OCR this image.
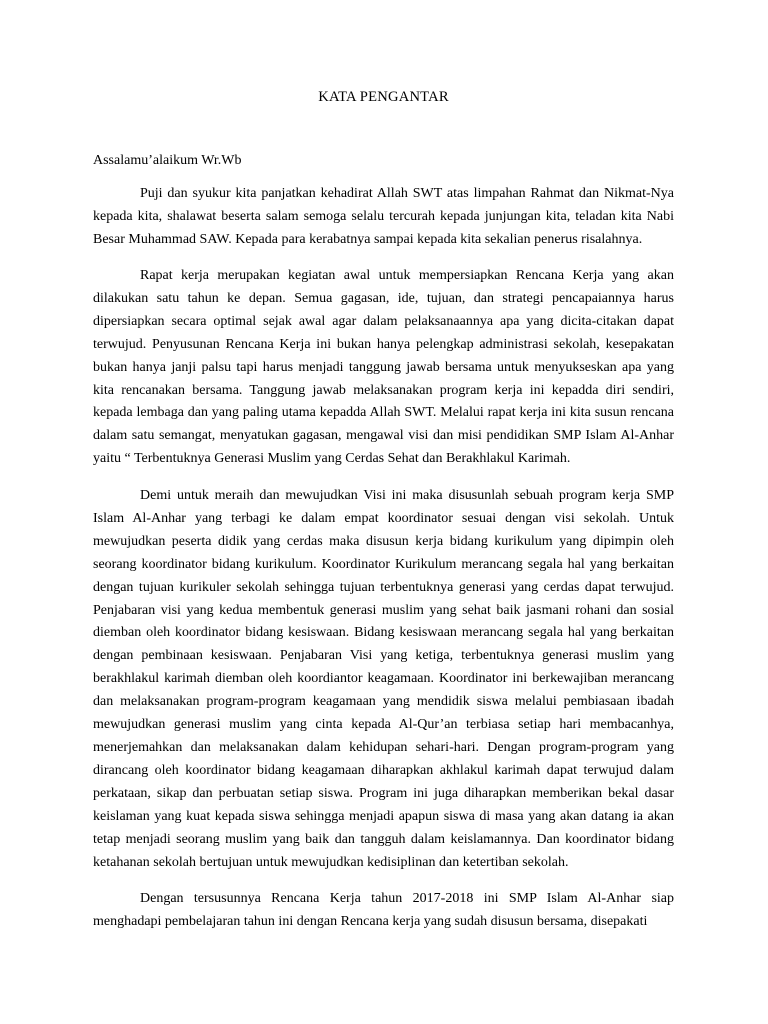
KATA PENGANTAR
Assalamu’alaikum Wr.Wb

Puji dan syukur kita panjatkan kehadirat Allah SWT atas limpahan Rahmat dan Nikmat-Nya kepada kita, shalawat beserta salam semoga selalu tercurah kepada junjungan kita, teladan kita Nabi Besar Muhammad SAW. Kepada para kerabatnya sampai kepada kita sekalian penerus risalahnya.

Rapat kerja merupakan kegiatan awal untuk mempersiapkan Rencana Kerja yang akan dilakukan satu tahun ke depan. Semua gagasan, ide, tujuan, dan strategi pencapaiannya harus dipersiapkan secara optimal sejak awal agar dalam pelaksanaannya apa yang dicita-citakan dapat terwujud. Penyusunan Rencana Kerja ini bukan hanya pelengkap administrasi sekolah, kesepakatan bukan hanya janji palsu tapi harus menjadi tanggung jawab bersama untuk menyukseskan apa yang kita rencanakan bersama. Tanggung jawab melaksanakan program kerja ini kepadda diri sendiri, kepada lembaga dan yang paling utama kepadda Allah SWT. Melalui rapat kerja ini kita susun rencana dalam satu semangat, menyatukan gagasan, mengawal visi dan misi pendidikan SMP Islam Al-Anhar yaitu “ Terbentuknya Generasi Muslim yang Cerdas Sehat dan Berakhlakul Karimah.

Demi untuk meraih dan mewujudkan Visi ini maka disusunlah sebuah program kerja SMP Islam Al-Anhar yang terbagi ke dalam empat koordinator sesuai dengan visi sekolah. Untuk mewujudkan peserta didik yang cerdas maka disusun kerja bidang kurikulum yang dipimpin oleh seorang koordinator bidang kurikulum. Koordinator Kurikulum merancang segala hal yang berkaitan dengan tujuan kurikuler sekolah sehingga tujuan terbentuknya generasi yang cerdas dapat terwujud. Penjabaran visi yang kedua membentuk generasi muslim yang sehat baik jasmani rohani dan sosial diemban oleh koordinator bidang kesiswaan. Bidang kesiswaan merancang segala hal yang berkaitan dengan pembinaan kesiswaan. Penjabaran Visi yang ketiga, terbentuknya generasi muslim yang berakhlakul karimah diemban oleh koordiantor keagamaan. Koordinator ini berkewajiban merancang dan melaksanakan program-program keagamaan yang mendidik siswa melalui pembiasaan ibadah mewujudkan generasi muslim yang cinta kepada Al-Qur’an terbiasa setiap hari membacanhya, menerjemahkan dan melaksanakan dalam kehidupan sehari-hari. Dengan program-program yang dirancang oleh koordinator bidang keagamaan diharapkan akhlakul karimah dapat terwujud dalam perkataan, sikap dan perbuatan setiap siswa. Program ini juga diharapkan memberikan bekal dasar keislaman yang kuat kepada siswa sehingga menjadi apapun siswa di masa yang akan datang ia akan tetap menjadi seorang muslim yang baik dan tangguh dalam keislamannya. Dan koordinator bidang ketahanan sekolah bertujuan untuk mewujudkan kedisiplinan dan ketertiban sekolah.

Dengan tersusunnya Rencana Kerja tahun 2017-2018 ini SMP Islam Al-Anhar siap menghadapi pembelajaran tahun ini dengan Rencana kerja yang sudah disusun bersama, disepakati
